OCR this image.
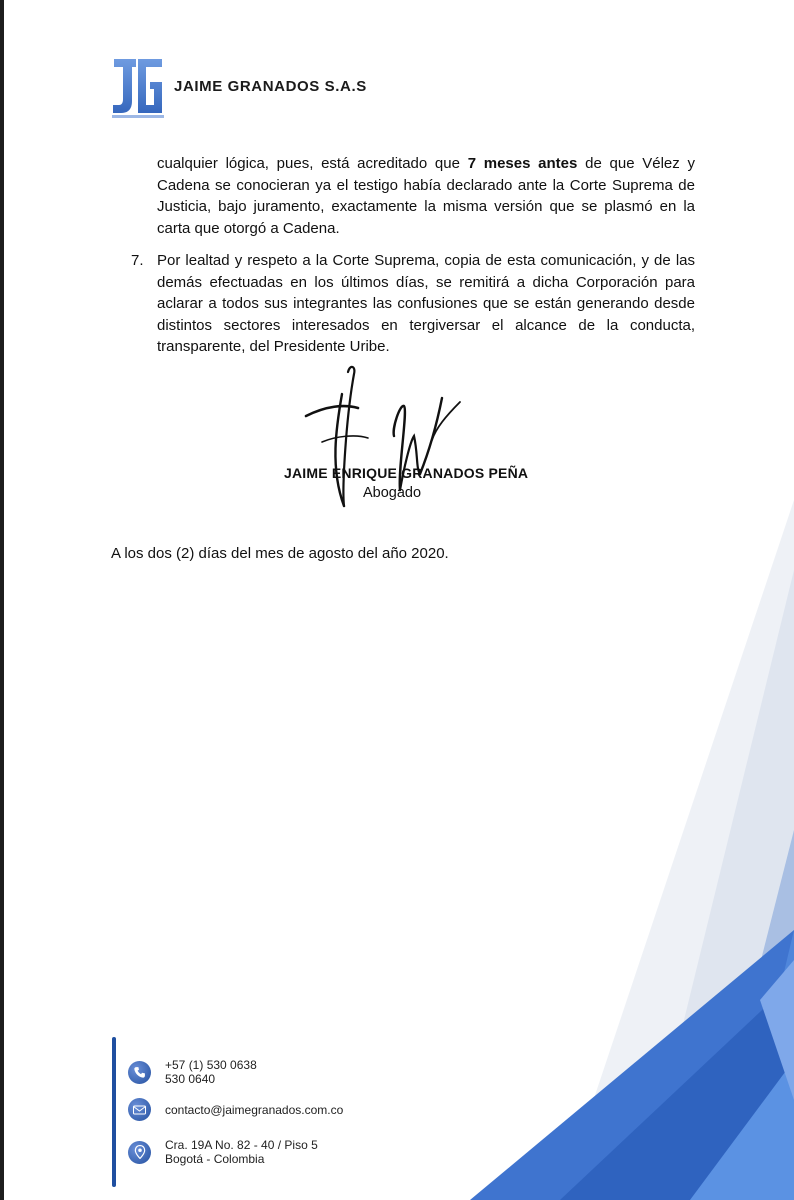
JAIME GRANADOS S.A.S

cualquier lógica, pues, está acreditado que 7 meses antes de que Vélez y Cadena se conocieran ya el testigo había declarado ante la Corte Suprema de Justicia, bajo juramento, exactamente la misma versión que se plasmó en la carta que otorgó a Cadena.

7. Por lealtad y respeto a la Corte Suprema, copia de esta comunicación, y de las demás efectuadas en los últimos días, se remitirá a dicha Corporación para aclarar a todos sus integrantes las confusiones que se están generando desde distintos sectores interesados en tergiversar el alcance de la conducta, transparente, del Presidente Uribe.

JAIME ENRIQUE GRANADOS PEÑA
Abogado
A los dos (2) días del mes de agosto del año 2020.
+57 (1) 530 0638
530 0640
contacto@jaimegranados.com.co
Cra. 19A No. 82 - 40 / Piso 5
Bogotá - Colombia
